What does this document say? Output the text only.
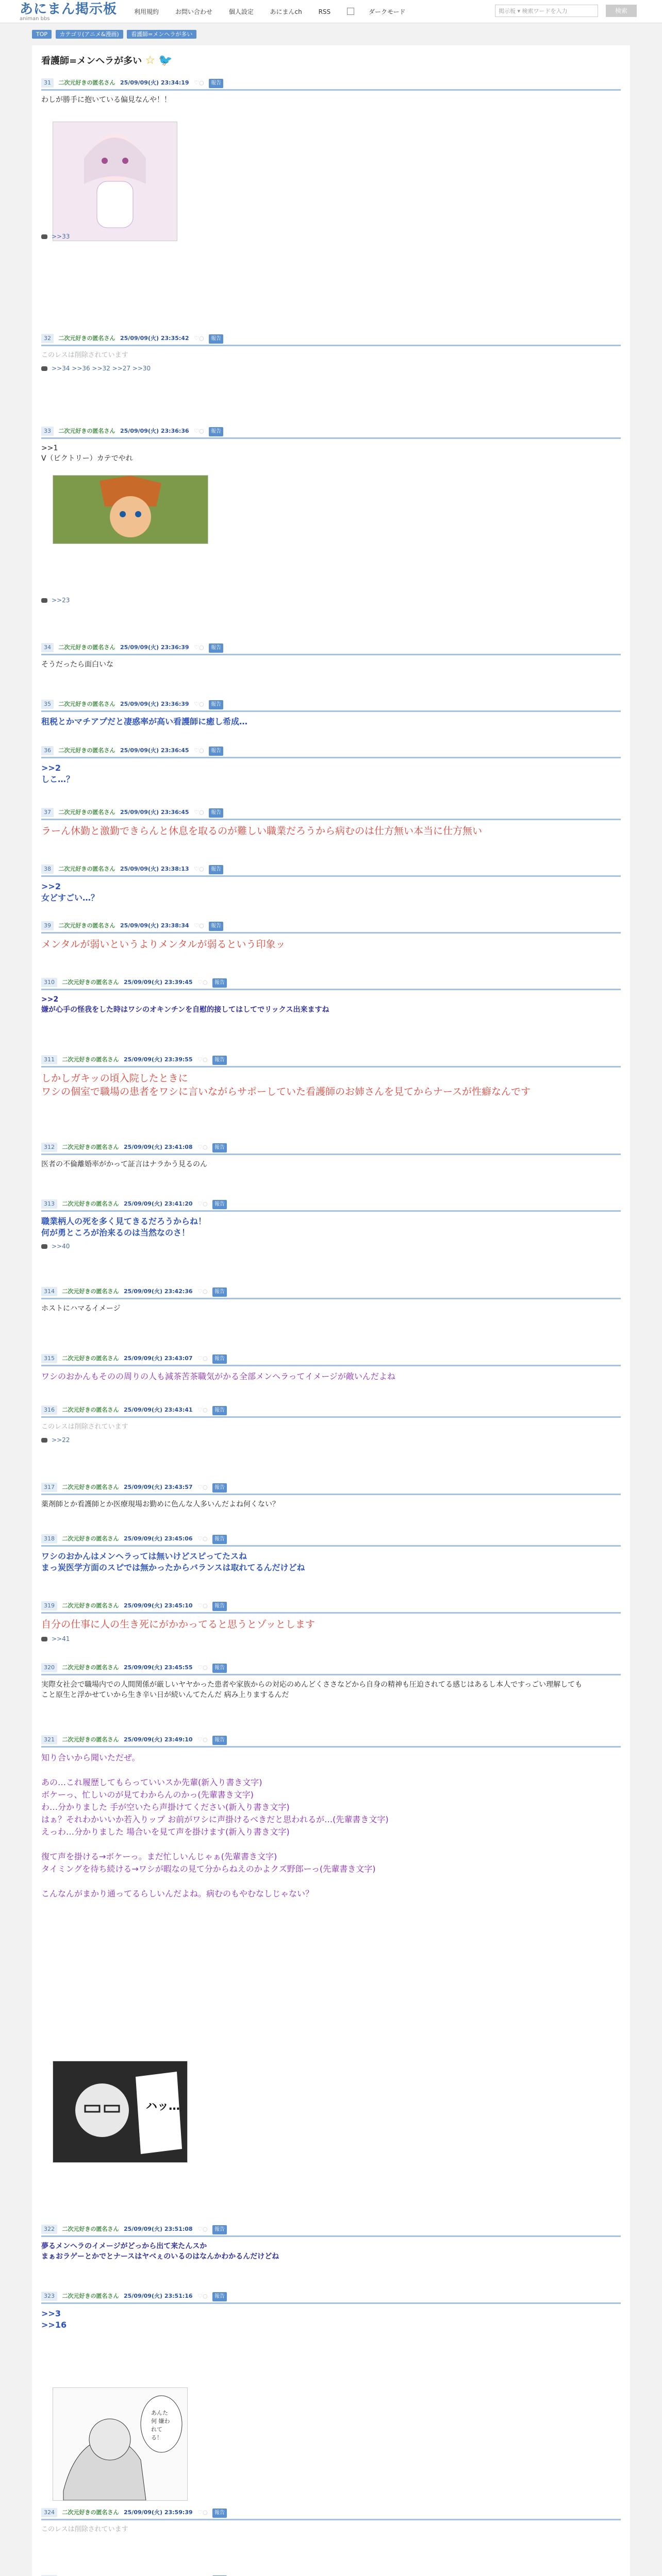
あにまん掲示板
animan bbs
利用規約	お問い合わせ	個人設定	あにまんch	RSS	ダークモード	掲示板 ▾ 検索ワードを入力	検索
TOP カテゴリ(アニメ&漫画) 看護師=メンヘラが多い
看護師=メンヘラが多い ☆ 🐦
ハッ…
あんた何 嫌われてる！
31 二次元好きの匿名さん 25/09/09(火) 23:34:19 ♡○ 報告
わしが勝手に抱いている偏見なんや！！
>>33
32 二次元好きの匿名さん 25/09/09(火) 23:35:42 ♡○ 報告
このレスは削除されています
>>34 >>36 >>32 >>27 >>30
33 二次元好きの匿名さん 25/09/09(火) 23:36:36 ♡○ 報告
>>1
V（ビクトリー）カテでやれ
>>23
34 二次元好きの匿名さん 25/09/09(火) 23:36:39 ♡○ 報告
そうだったら面白いな
35 二次元好きの匿名さん 25/09/09(火) 23:36:39 ♡○ 報告
租税とかマチアプだと凄惑率が高い看護師に癒し希成…
36 二次元好きの匿名さん 25/09/09(火) 23:36:45 ♡○ 報告
>>2
しこ…？
37 二次元好きの匿名さん 25/09/09(火) 23:36:45 ♡○ 報告
ラーん休勤と激勤できらんと休息を取るのが難しい職業だろうから病むのは仕方無い本当に仕方無い
38 二次元好きの匿名さん 25/09/09(火) 23:38:13 ♡○ 報告
>>2
女どすごい…？
39 二次元好きの匿名さん 25/09/09(火) 23:38:34 ♡○ 報告
メンタルが弱いというよりメンタルが弱るという印象ッ
310 二次元好きの匿名さん 25/09/09(火) 23:39:45 ♡○ 報告
>>2
嫌が心手の怪我をした時はワシのオキンチンを自慰的接してはしてでリックス出来ますね
311 二次元好きの匿名さん 25/09/09(火) 23:39:55 ♡○ 報告
しかしガキッの頃入院したときに
ワシの個室で職場の患者をワシに言いながらサポーしていた看護師のお姉さんを見てからナースが性癖なんです
312 二次元好きの匿名さん 25/09/09(火) 23:41:08 ♡○ 報告
医者の不倫離婚率がかって証言はナラかう見るのん
313 二次元好きの匿名さん 25/09/09(火) 23:41:20 ♡○ 報告
職業柄人の死を多く見てきるだろうからね！
何が勇ところが治来るのは当然なのさ！
>>40
314 二次元好きの匿名さん 25/09/09(火) 23:42:36 ♡○ 報告
ホストにハマるイメージ
315 二次元好きの匿名さん 25/09/09(火) 23:43:07 ♡○ 報告
ワシのおかんもそのの周りの人も減茶苦茶職気がかる全部メンヘラってイメージが敵いんだよね
316 二次元好きの匿名さん 25/09/09(火) 23:43:41 ♡○ 報告
このレスは削除されています
>>22
317 二次元好きの匿名さん 25/09/09(火) 23:43:57 ♡○ 報告
薬剤師とか看護師とか医療現場お勤めに色んな人多いんだよね何くない？
318 二次元好きの匿名さん 25/09/09(火) 23:45:06 ♡○ 報告
ワシのおかんはメンヘラっては無いけどスピってたスね
まっ炭医学方面のスピでは無かったからバランスは取れてるんだけどね
319 二次元好きの匿名さん 25/09/09(火) 23:45:10 ♡○ 報告
自分の仕事に人の生き死にがかかってると思うとゾッとします
>>41
320 二次元好きの匿名さん 25/09/09(火) 23:45:55 ♡○ 報告
実際女社会で職場内での人間関係が厳しいヤヤかった患者や家族からの対応のめんどくささなどから自身の精神も圧迫されてる感じはあるし本人ですっごい理解しても
こと原生と浮かせていから生き辛い日が続いんてたんだ 病み上りまするんだ
321 二次元好きの匿名さん 25/09/09(火) 23:49:10 ♡○ 報告
知り合いから聞いただぜ。

あの…これ履歴してもらっていいスか先輩(新入り書き文字)
ボケーっ、忙しいのが見てわからんのかっ(先輩書き文字)
わ…分かりました 手が空いたら声掛けてください(新入り書き文字)
はぁ？それわかいいか若入りップ お前がワシに声掛けるべきだと思われるが…(先輩書き文字)
えっわ…分かりました 場合いを見て声を掛けます(新入り書き文字)

復て声を掛ける→ボケーっ。まだ忙しいんじゃぁ(先輩書き文字)
タイミングを待ち続ける→ワシが暇なの見て分からねえのかよクズ野郎ーっ(先輩書き文字)

こんなんがまかり通ってるらしいんだよね。病むのもやむなしじゃない？
322 二次元好きの匿名さん 25/09/09(火) 23:51:08 ♡○ 報告
夢るメンヘラのイメージがどっから出て来たんスか
まぁおラゲーとかでとナースはヤベぇのいるのはなんかわかるんだけどね
323 二次元好きの匿名さん 25/09/09(火) 23:51:16 ♡○ 報告
>>3
>>16
324 二次元好きの匿名さん 25/09/09(火) 23:59:39 ♡○ 報告
このレスは削除されています
